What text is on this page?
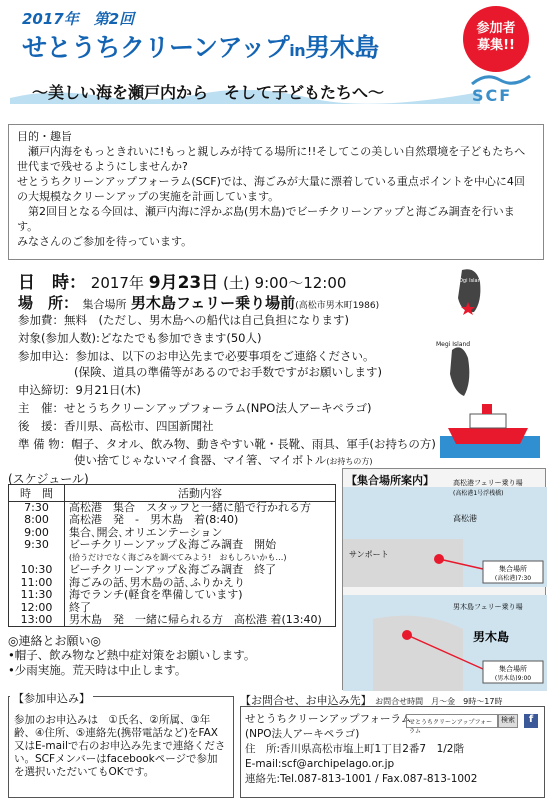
2017年　第2回
せとうちクリーンアップin男木島
参加者
募集!!
〜美しい海を瀬戸内から　そして子どもたちへ〜	SCF

目的・趣旨

瀬戸内海をもっときれいに!もっと親しみが持てる場所に!!そしてこの美しい自然環境を子どもたちへ世代まで残せるようにしませんか?

せとうちクリーンアップフォーラム(SCF)では、海ごみが大量に漂着している重点ポイントを中心に4回の大規模なクリーンアップの実施を計画しています。

第2回目となる今回は、瀬戸内海に浮かぶ島(男木島)でビーチクリーンアップと海ごみ調査を行います。

みなさんのご参加を待っています。

日　時： 2017年 9月23日 (土) 9:00〜12:00
場　所： 集合場所 男木島フェリー乗り場前(高松市男木町1986)
参加費：無料　(ただし、男木島への船代は自己負担になります)
対象(参加人数):どなたでも参加できます(50人)
参加申込：参加は、以下のお申込先まで必要事項をご連絡ください。
(保険、道具の準備等があるのでお手数ですがお願いします)
申込締切：9月21日(木)
主　催：せとうちクリーンアップフォーラム(NPO法人アーキペラゴ)
後　援：香川県、高松市、四国新聞社
準 備 物：帽子、タオル、飲み物、動きやすい靴・長靴、雨具、軍手(お持ちの方)
使い捨てじゃないマイ食器、マイ箸、マイボトル(お持ちの方)
Megi Island
Ogi Island
(スケジュール)
時　間	活動内容
7:30	高松港　集合　スタッフと一緒に船で行かれる方
8:00	高松港　発　-　男木島　着(8:40)
9:00	集合､開会､オリエンテーション
9:30	ビーチクリーンアップ＆海ごみ調査　開始
	(拾うだけでなく海ごみを調べてみよう!　おもしろいかも…)
10:30	ビーチクリーンアップ＆海ごみ調査　終了
11:00	海ごみの話､男木島の話､ふりかえり
11:30	海でランチ(軽食を準備しています)
12:00	終了
13:00	男木島　発　一緒に帰られる方　高松港 着(13:40)
◎連絡とお願い◎
•帽子、飲み物など熱中症対策をお願いします。
•少雨実施。荒天時は中止します。
【参加申込み】
参加のお申込みは　①氏名、②所属、③年齢、④住所、⑤連絡先(携帯電話など)をFAX又はE-mailで右のお申込み先まで連絡ください。SCFメンバーはfacebookページで参加を選択いただいてもOKです。
集合場所
(高松港)7:30
集合場所
(男木島)9:00
高松港フェリー乗り場
(高松港1号浮桟橋)
高松港
サンポート
男木島フェリー乗り場
男木島
【集合場所案内】
【お問合せ、お申込み先】 お問合せ時間　月〜金　9時〜17時
せとうちクリーンアップフォーラム
(NPO法人アーキペラゴ)
住　所:香川県高松市塩上町1丁目2番7　1/2階
E-mail:scf@archipelago.or.jp
連絡先:Tel.087-813-1001 / Fax.087-813-1002
せとうちクリーンアップフォーラム
検索	f
